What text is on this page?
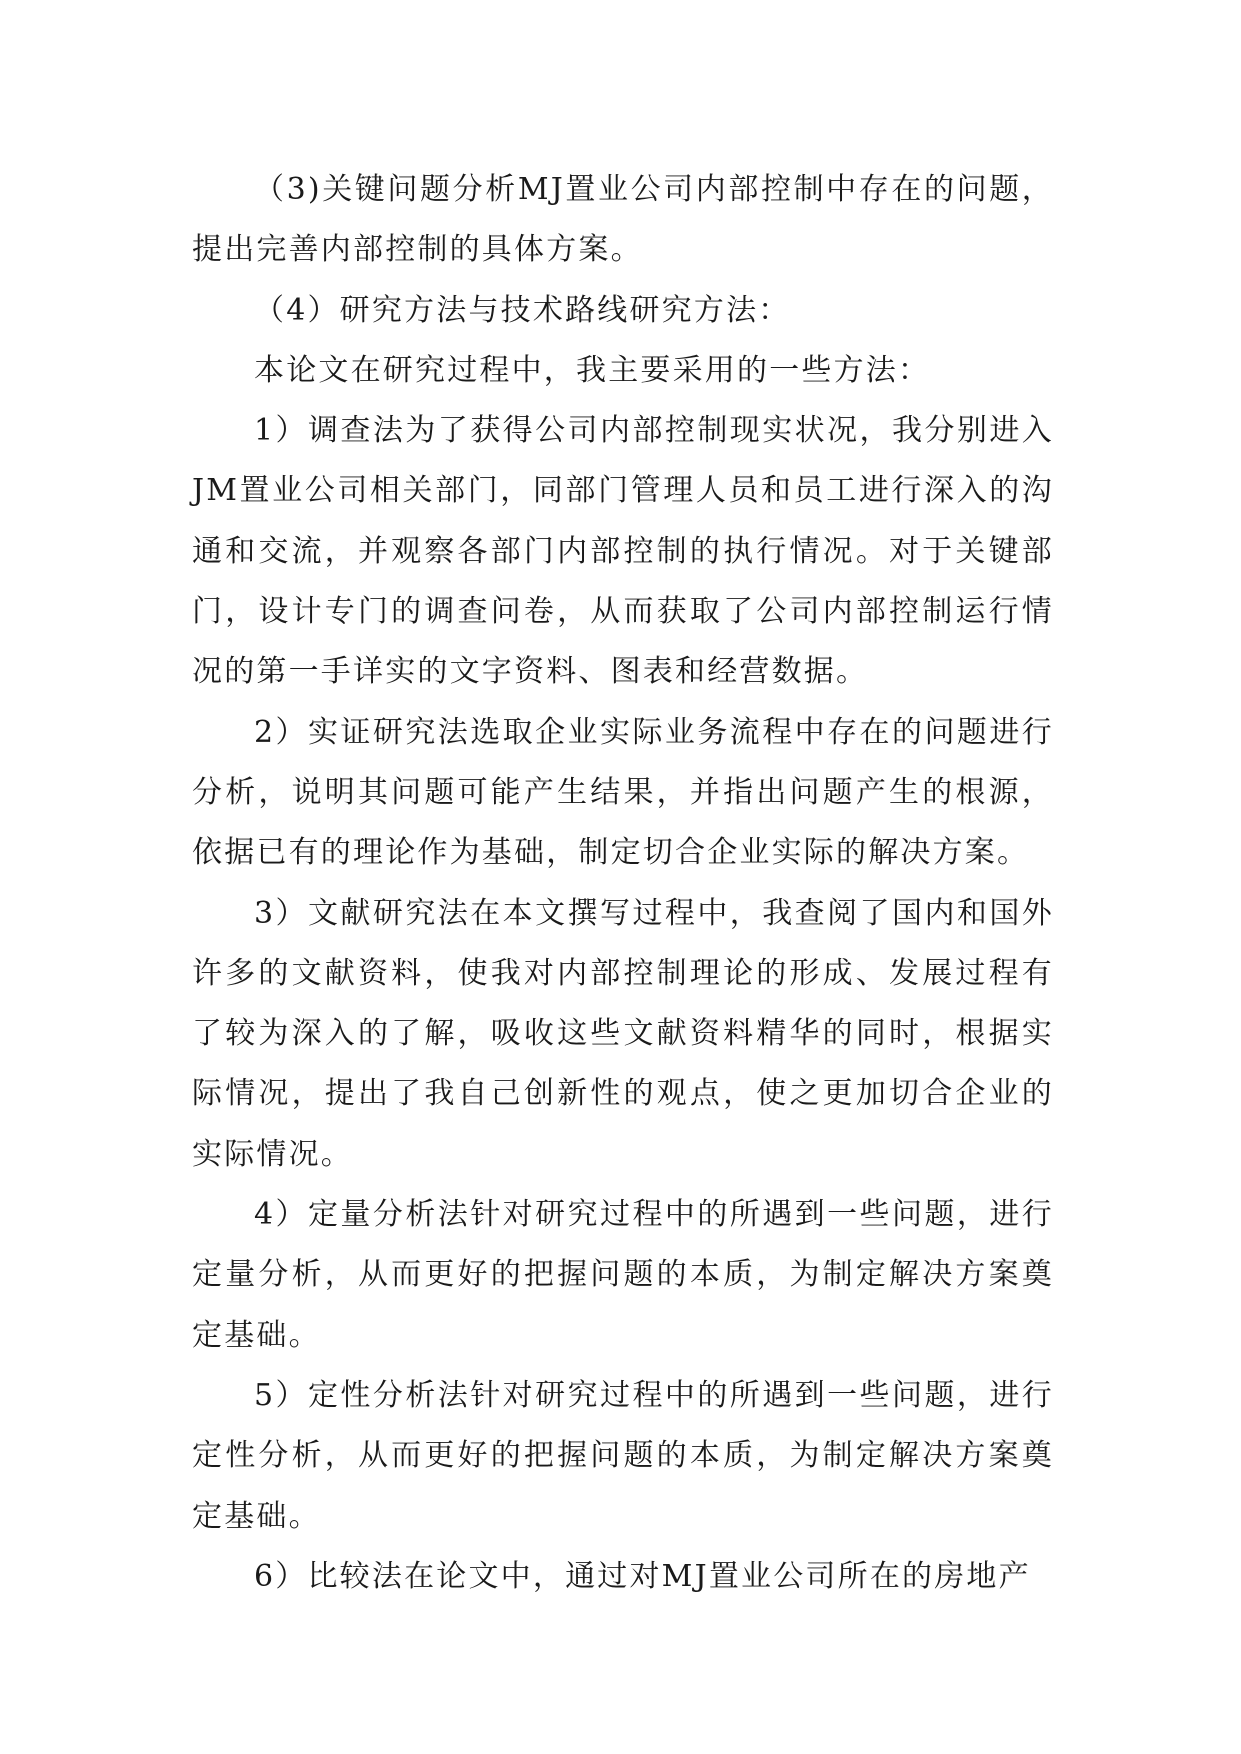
（3)关键问题分析MJ置业公司内部控制中存在的问题，提出完善内部控制的具体方案。

（4）研究方法与技术路线研究方法：

本论文在研究过程中，我主要采用的一些方法：

1）调查法为了获得公司内部控制现实状况，我分别进入JM置业公司相关部门，同部门管理人员和员工进行深入的沟通和交流，并观察各部门内部控制的执行情况。对于关键部门，设计专门的调查问卷，从而获取了公司内部控制运行情况的第一手详实的文字资料、图表和经营数据。

2）实证研究法选取企业实际业务流程中存在的问题进行分析，说明其问题可能产生结果，并指出问题产生的根源，依据已有的理论作为基础，制定切合企业实际的解决方案。

3）文献研究法在本文撰写过程中，我查阅了国内和国外许多的文献资料，使我对内部控制理论的形成、发展过程有了较为深入的了解，吸收这些文献资料精华的同时，根据实际情况，提出了我自己创新性的观点，使之更加切合企业的实际情况。

4）定量分析法针对研究过程中的所遇到一些问题，进行定量分析，从而更好的把握问题的本质，为制定解决方案奠定基础。

5）定性分析法针对研究过程中的所遇到一些问题，进行定性分析，从而更好的把握问题的本质，为制定解决方案奠定基础。

6）比较法在论文中，通过对MJ置业公司所在的房地产
